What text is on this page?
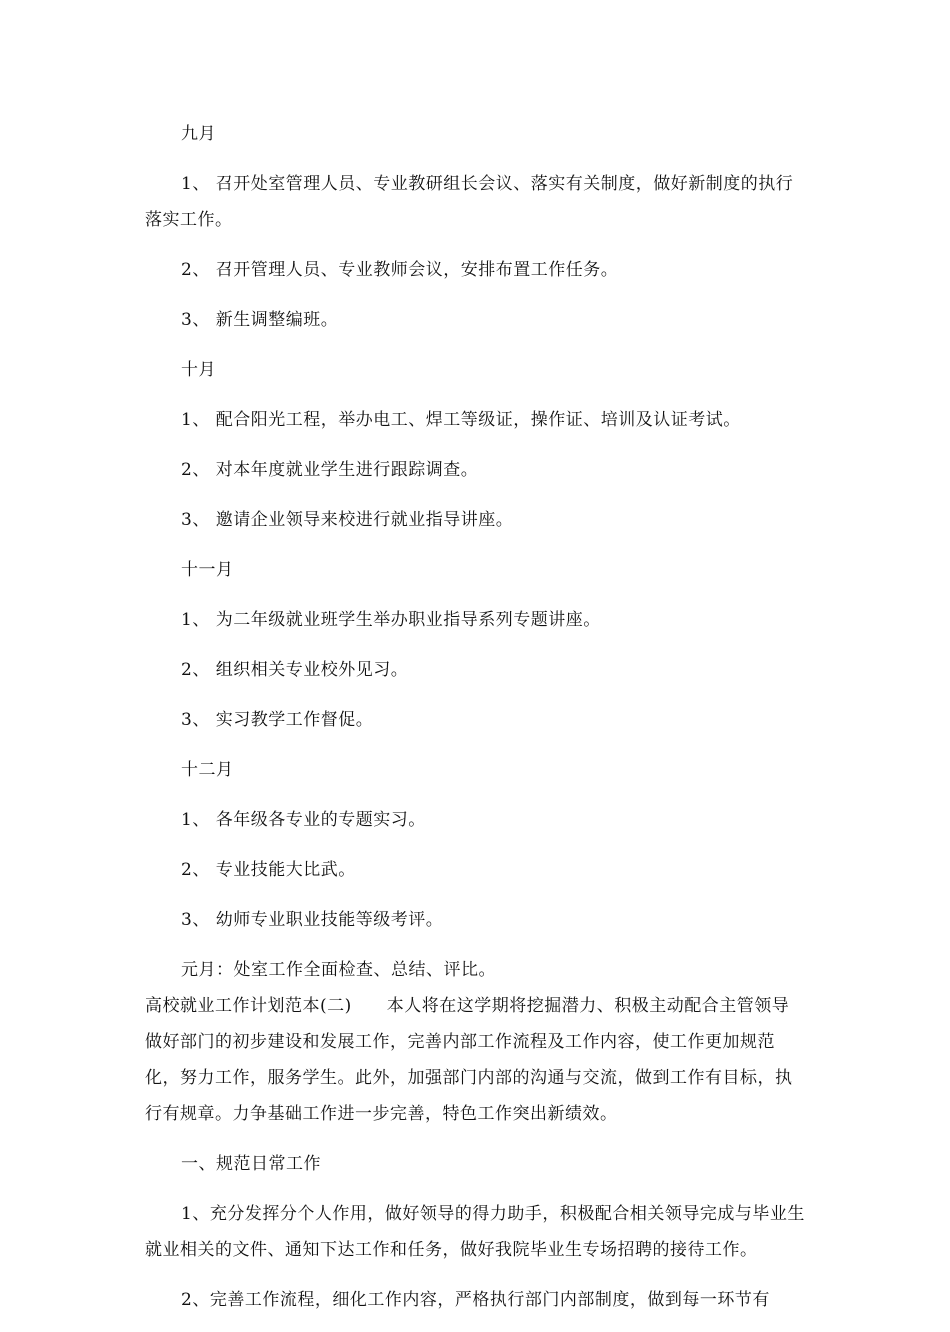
九月

1、 召开处室管理人员、专业教研组长会议、落实有关制度，做好新制度的执行落实工作。

2、 召开管理人员、专业教师会议，安排布置工作任务。

3、 新生调整编班。

十月

1、 配合阳光工程，举办电工、焊工等级证，操作证、培训及认证考试。

2、 对本年度就业学生进行跟踪调查。

3、 邀请企业领导来校进行就业指导讲座。

十一月

1、 为二年级就业班学生举办职业指导系列专题讲座。

2、 组织相关专业校外见习。

3、 实习教学工作督促。

十二月

1、 各年级各专业的专题实习。

2、 专业技能大比武。

3、 幼师专业职业技能等级考评。

元月：处室工作全面检查、总结、评比。

高校就业工作计划范本(二)　　本人将在这学期将挖掘潜力、积极主动配合主管领导做好部门的初步建设和发展工作，完善内部工作流程及工作内容，使工作更加规范化，努力工作，服务学生。此外，加强部门内部的沟通与交流，做到工作有目标，执行有规章。力争基础工作进一步完善，特色工作突出新绩效。

一、规范日常工作

1、充分发挥分个人作用，做好领导的得力助手，积极配合相关领导完成与毕业生就业相关的文件、通知下达工作和任务，做好我院毕业生专场招聘的接待工作。

2、完善工作流程，细化工作内容，严格执行部门内部制度，做到每一环节有
